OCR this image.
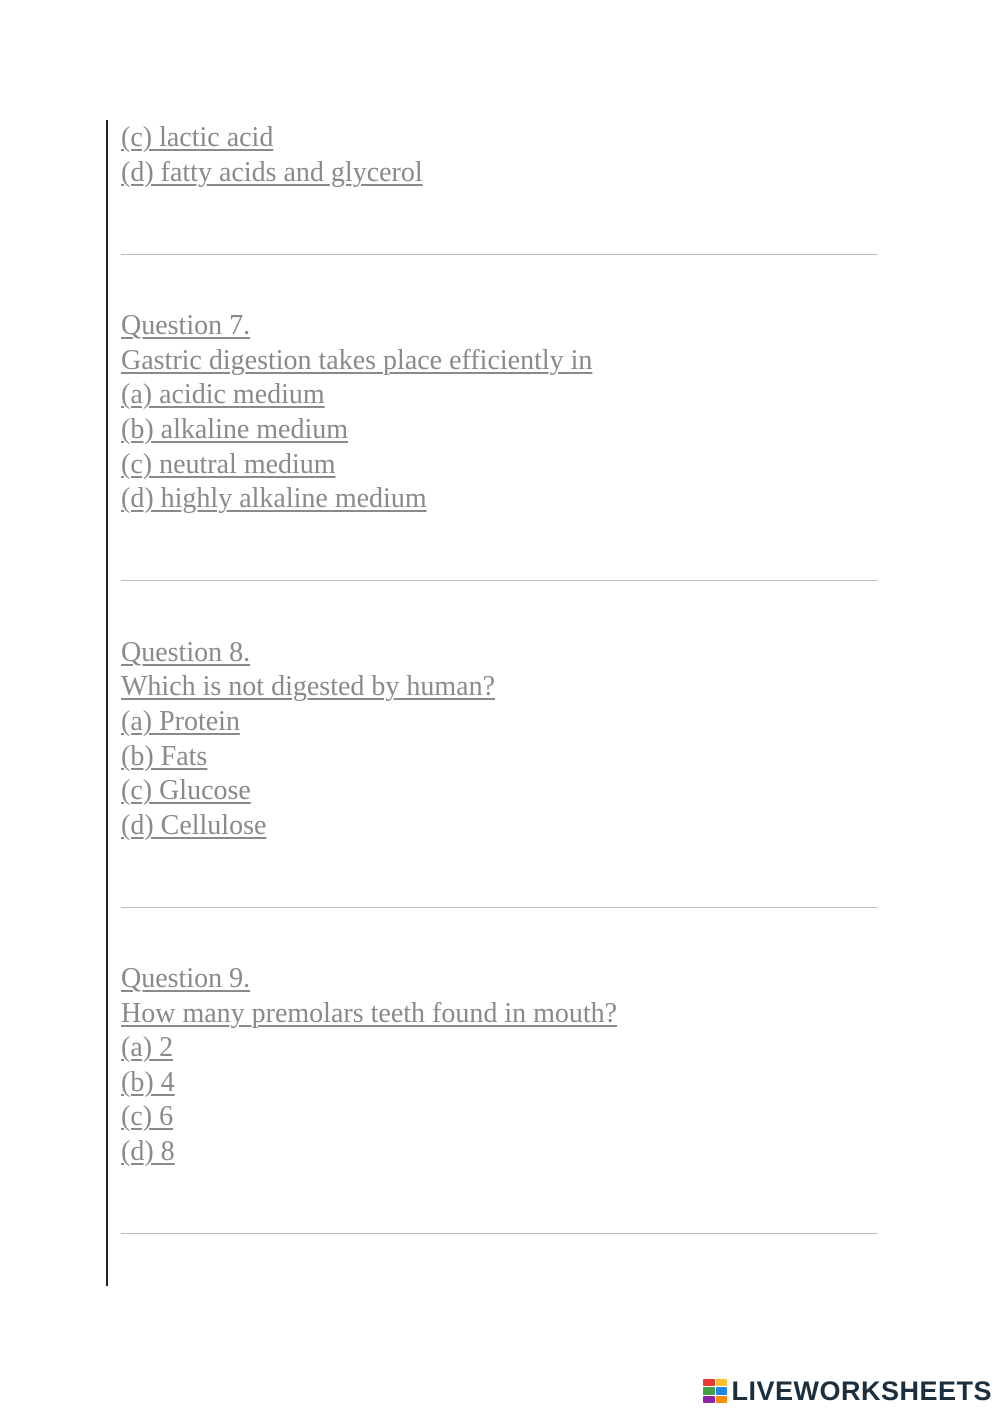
(c) lactic acid
(d) fatty acids and glycerol
Question 7.
Gastric digestion takes place efficiently in
(a) acidic medium
(b) alkaline medium
(c) neutral medium
(d) highly alkaline medium
Question 8.
Which is not digested by human?
(a) Protein
(b) Fats
(c) Glucose
(d) Cellulose
Question 9.
How many premolars teeth found in mouth?
(a) 2
(b) 4
(c) 6
(d) 8
LIVEWORKSHEETS
